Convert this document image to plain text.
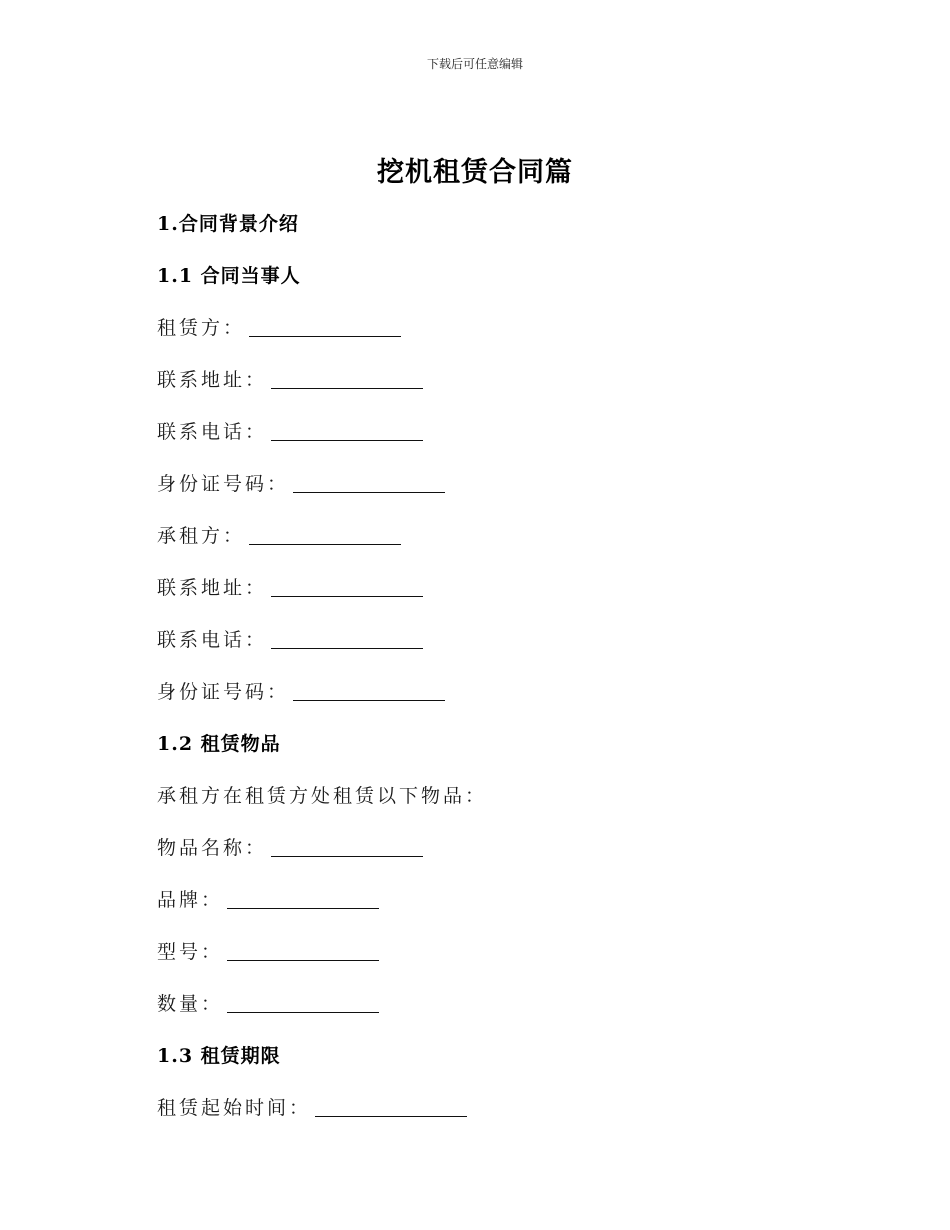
下载后可任意编辑
挖机租赁合同篇
1.合同背景介绍
1.1 合同当事人
租赁方：
联系地址：
联系电话：
身份证号码：
承租方：
联系地址：
联系电话：
身份证号码：
1.2 租赁物品
承租方在租赁方处租赁以下物品：
物品名称：
品牌：
型号：
数量：
1.3 租赁期限
租赁起始时间：
